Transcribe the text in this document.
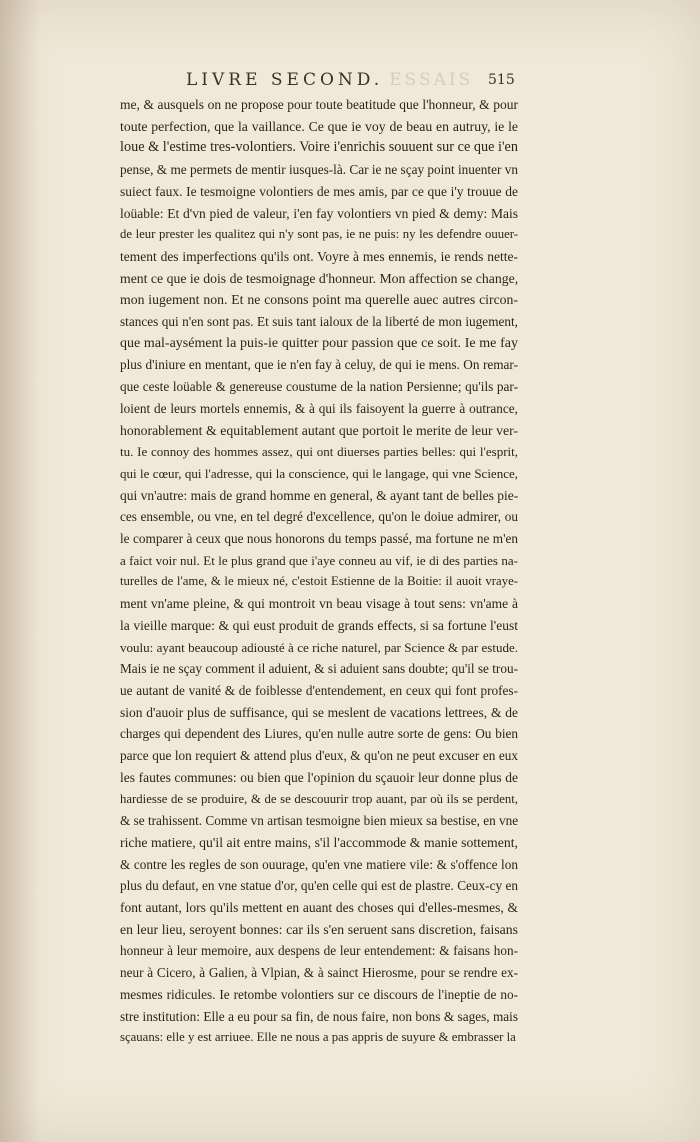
LIVRE SECOND. ESSAIS 515
me, & ausquels on ne propose pour toute beatitude que l'honneur, & pour
toute perfection, que la vaillance. Ce que ie voy de beau en autruy, ie le
loue & l'estime tres-volontiers. Voire i'enrichis souuent sur ce que i'en
pense, & me permets de mentir iusques-là. Car ie ne sçay point inuenter vn
suiect faux. Ie tesmoigne volontiers de mes amis, par ce que i'y trouue de
loüable: Et d'vn pied de valeur, i'en fay volontiers vn pied & demy: Mais
de leur prester les qualitez qui n'y sont pas, ie ne puis: ny les defendre ouuer-
tement des imperfections qu'ils ont. Voyre à mes ennemis, ie rends nette-
ment ce que ie dois de tesmoignage d'honneur. Mon affection se change,
mon iugement non. Et ne consons point ma querelle auec autres circon-
stances qui n'en sont pas. Et suis tant ialoux de la liberté de mon iugement,
que mal-aysément la puis-ie quitter pour passion que ce soit. Ie me fay
plus d'iniure en mentant, que ie n'en fay à celuy, de qui ie mens. On remar-
que ceste loüable & genereuse coustume de la nation Persienne; qu'ils par-
loient de leurs mortels ennemis, & à qui ils faisoyent la guerre à outrance,
honorablement & equitablement autant que portoit le merite de leur ver-
tu. Ie connoy des hommes assez, qui ont diuerses parties belles: qui l'esprit,
qui le cœur, qui l'adresse, qui la conscience, qui le langage, qui vne Science,
qui vn'autre: mais de grand homme en general, & ayant tant de belles pie-
ces ensemble, ou vne, en tel degré d'excellence, qu'on le doiue admirer, ou
le comparer à ceux que nous honorons du temps passé, ma fortune ne m'en
a faict voir nul. Et le plus grand que i'aye conneu au vif, ie di des parties na-
turelles de l'ame, & le mieux né, c'estoit Estienne de la Boitie: il auoit vraye-
ment vn'ame pleine, & qui montroit vn beau visage à tout sens: vn'ame à
la vieille marque: & qui eust produit de grands effects, si sa fortune l'eust
voulu: ayant beaucoup adiousté à ce riche naturel, par Science & par estude.
Mais ie ne sçay comment il aduient, & si aduient sans doubte; qu'il se trou-
ue autant de vanité & de foiblesse d'entendement, en ceux qui font profes-
sion d'auoir plus de suffisance, qui se meslent de vacations lettrees, & de
charges qui dependent des Liures, qu'en nulle autre sorte de gens: Ou bien
parce que lon requiert & attend plus d'eux, & qu'on ne peut excuser en eux
les fautes communes: ou bien que l'opinion du sçauoir leur donne plus de
hardiesse de se produire, & de se descouurir trop auant, par où ils se perdent,
& se trahissent. Comme vn artisan tesmoigne bien mieux sa bestise, en vne
riche matiere, qu'il ait entre mains, s'il l'accommode & manie sottement,
& contre les regles de son ouurage, qu'en vne matiere vile: & s'offence lon
plus du defaut, en vne statue d'or, qu'en celle qui est de plastre. Ceux-cy en
font autant, lors qu'ils mettent en auant des choses qui d'elles-mesmes, &
en leur lieu, seroyent bonnes: car ils s'en seruent sans discretion, faisans
honneur à leur memoire, aux despens de leur entendement: & faisans hon-
neur à Cicero, à Galien, à Vlpian, & à sainct Hierosme, pour se rendre ex-
mesmes ridicules. Ie retombe volontiers sur ce discours de l'ineptie de no-
stre institution: Elle a eu pour sa fin, de nous faire, non bons & sages, mais
sçauans: elle y est arriuee. Elle ne nous a pas appris de suyure & embrasser la
